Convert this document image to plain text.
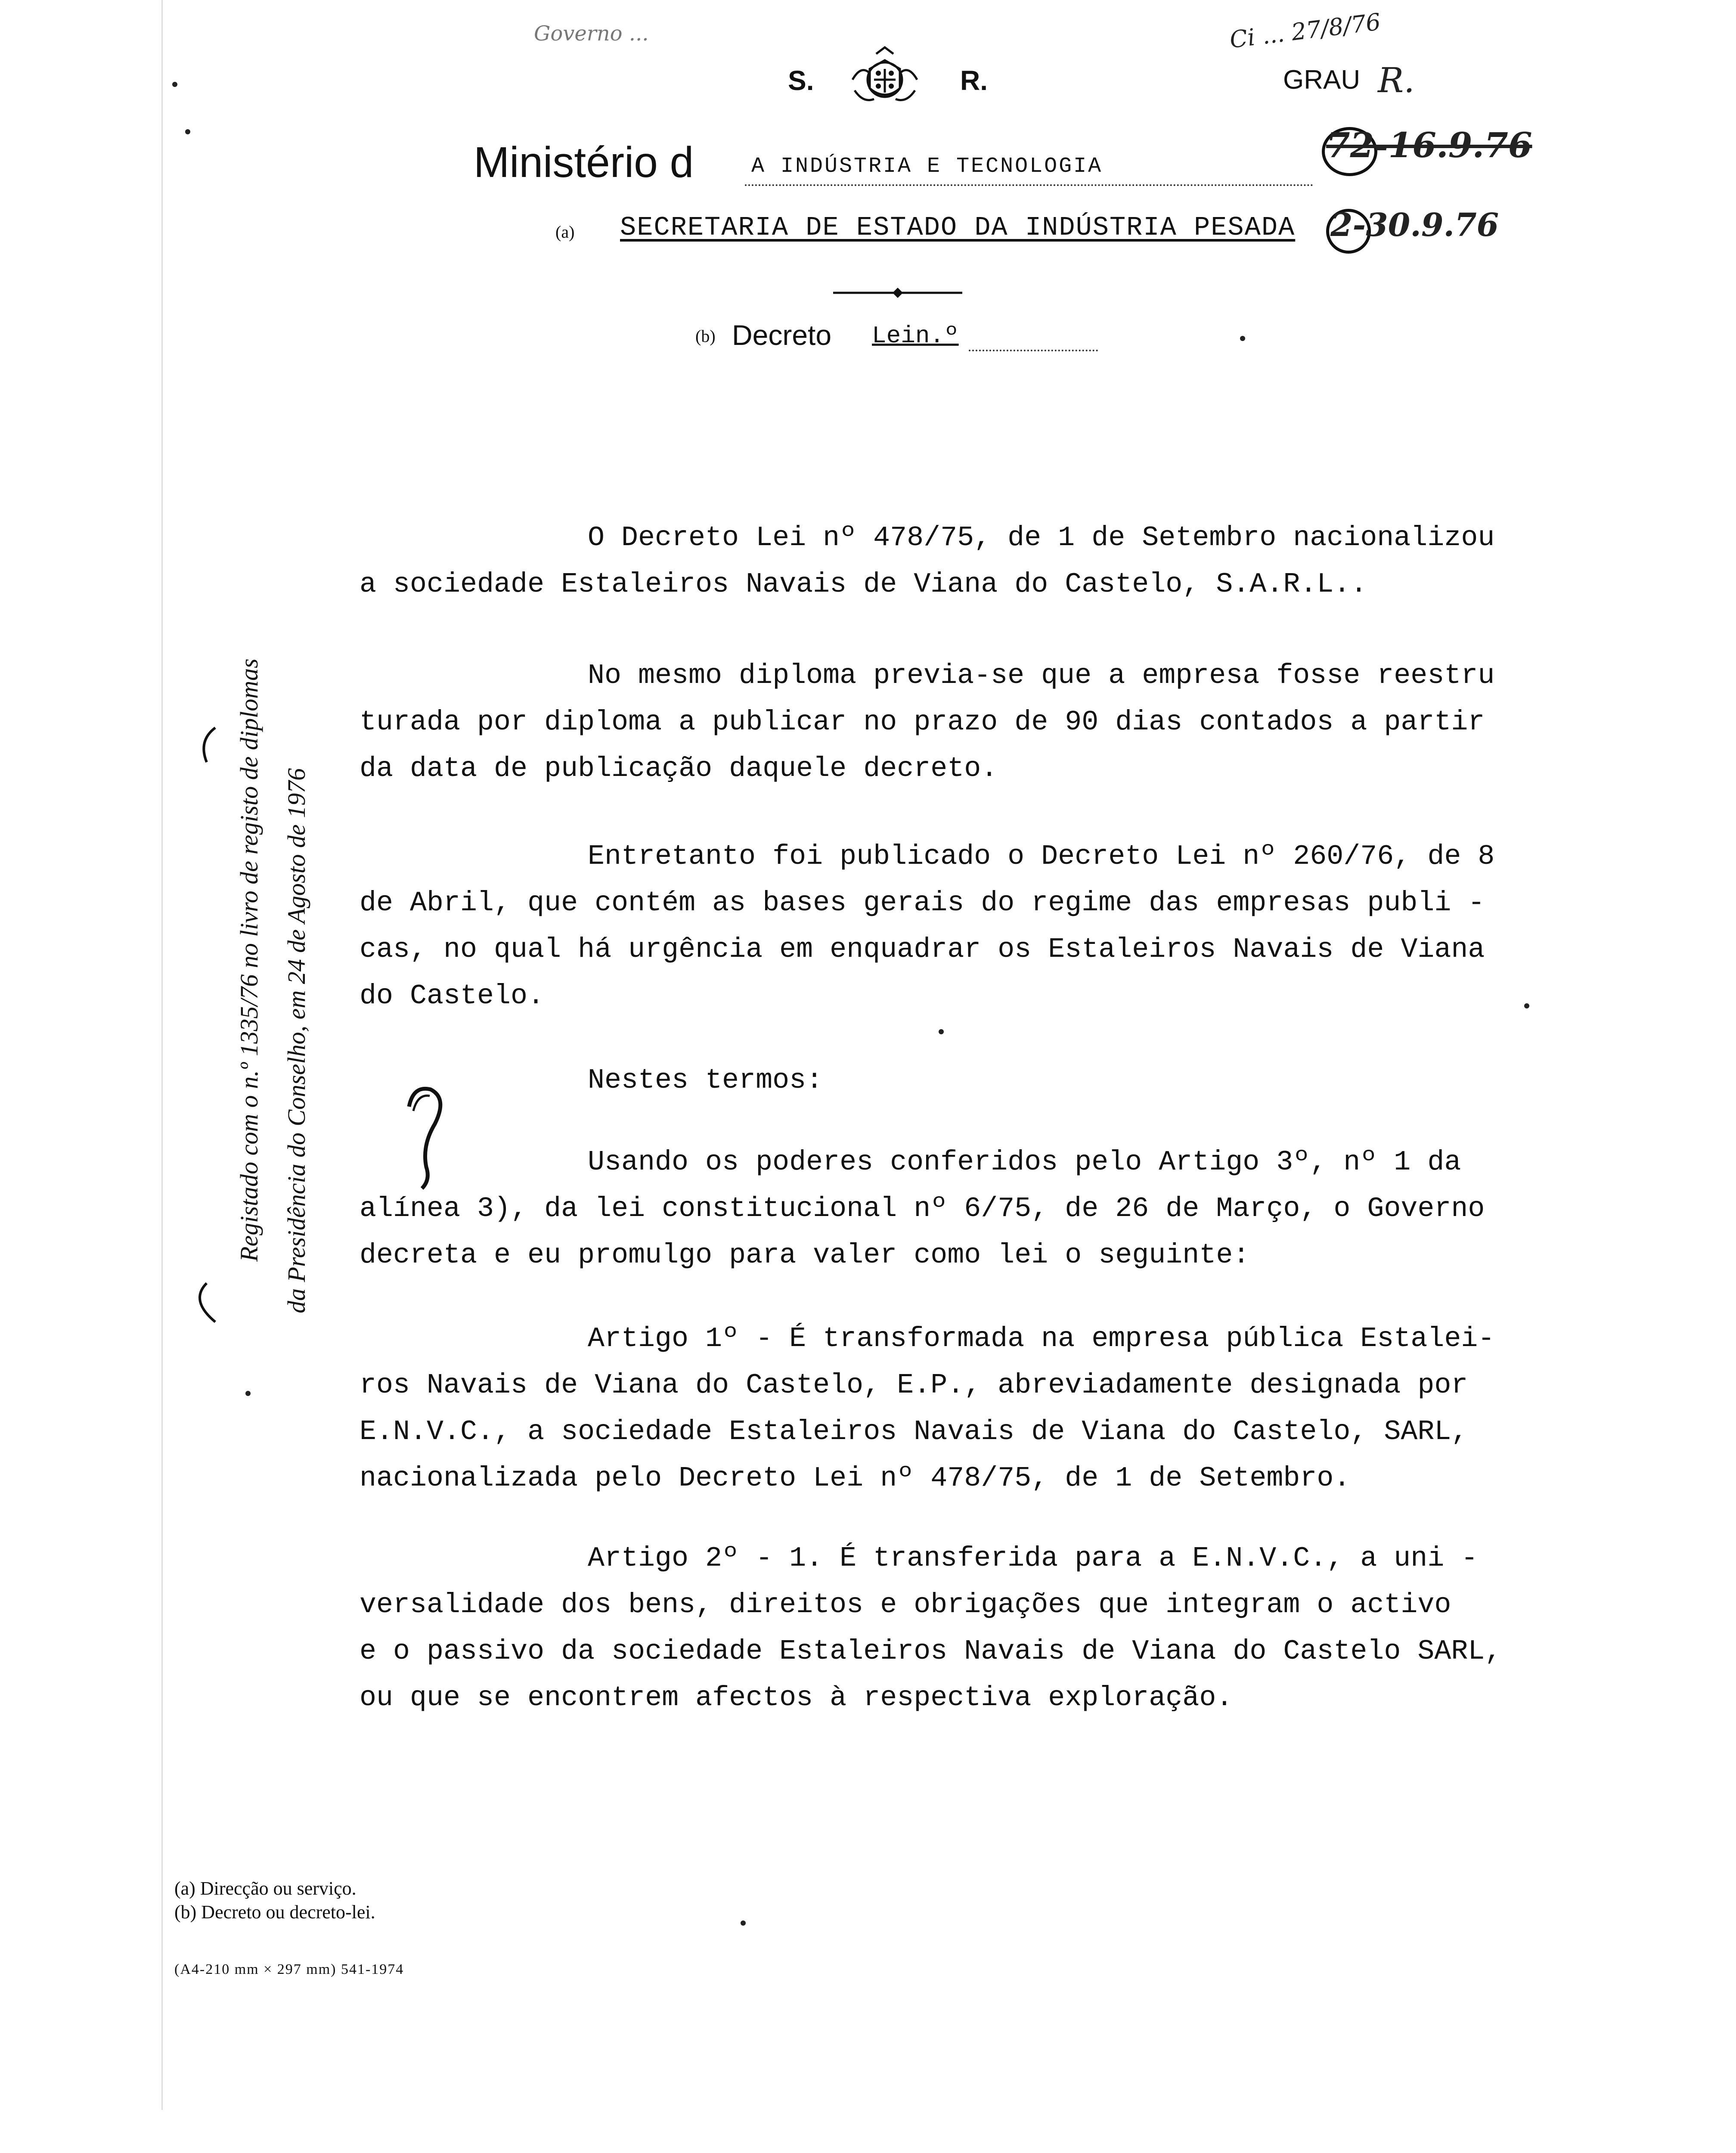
Governo ...
S.	R.
Ci ... 27/8/76
GRAU R.
Ministério d	A INDÚSTRIA E TECNOLOGIA
72-16.9.76
2-30.9.76
(a) SECRETARIA DE ESTADO DA INDÚSTRIA PESADA
(b) Decreto Lein.º
Registado com o n.º 1335/76 no livro de registo de diplomas da Presidência do Conselho, em 24 de Agosto de 1976
O Decreto Lei nº 478/75, de 1 de Setembro nacionalizou
a sociedade Estaleiros Navais de Viana do Castelo, S.A.R.L..
No mesmo diploma previa-se que a empresa fosse reestru
turada por diploma a publicar no prazo de 90 dias contados a partir
da data de publicação daquele decreto.
Entretanto foi publicado o Decreto Lei nº 260/76, de 8
de Abril, que contém as bases gerais do regime das empresas publi -
cas, no qual há urgência em enquadrar os Estaleiros Navais de Viana
do Castelo.
Nestes termos:
Usando os poderes conferidos pelo Artigo 3º, nº 1 da
alínea 3), da lei constitucional nº 6/75, de 26 de Março, o Governo
decreta e eu promulgo para valer como lei o seguinte:
Artigo 1º - É transformada na empresa pública Estalei-
ros Navais de Viana do Castelo, E.P., abreviadamente designada por
E.N.V.C., a sociedade Estaleiros Navais de Viana do Castelo, SARL,
nacionalizada pelo Decreto Lei nº 478/75, de 1 de Setembro.
Artigo 2º - 1. É transferida para a E.N.V.C., a uni -
versalidade dos bens, direitos e obrigações que integram o activo
e o passivo da sociedade Estaleiros Navais de Viana do Castelo SARL,
ou que se encontrem afectos à respectiva exploração.
(a) Direcção ou serviço.
(b) Decreto ou decreto-lei.
(A4-210 mm × 297 mm) 541-1974
